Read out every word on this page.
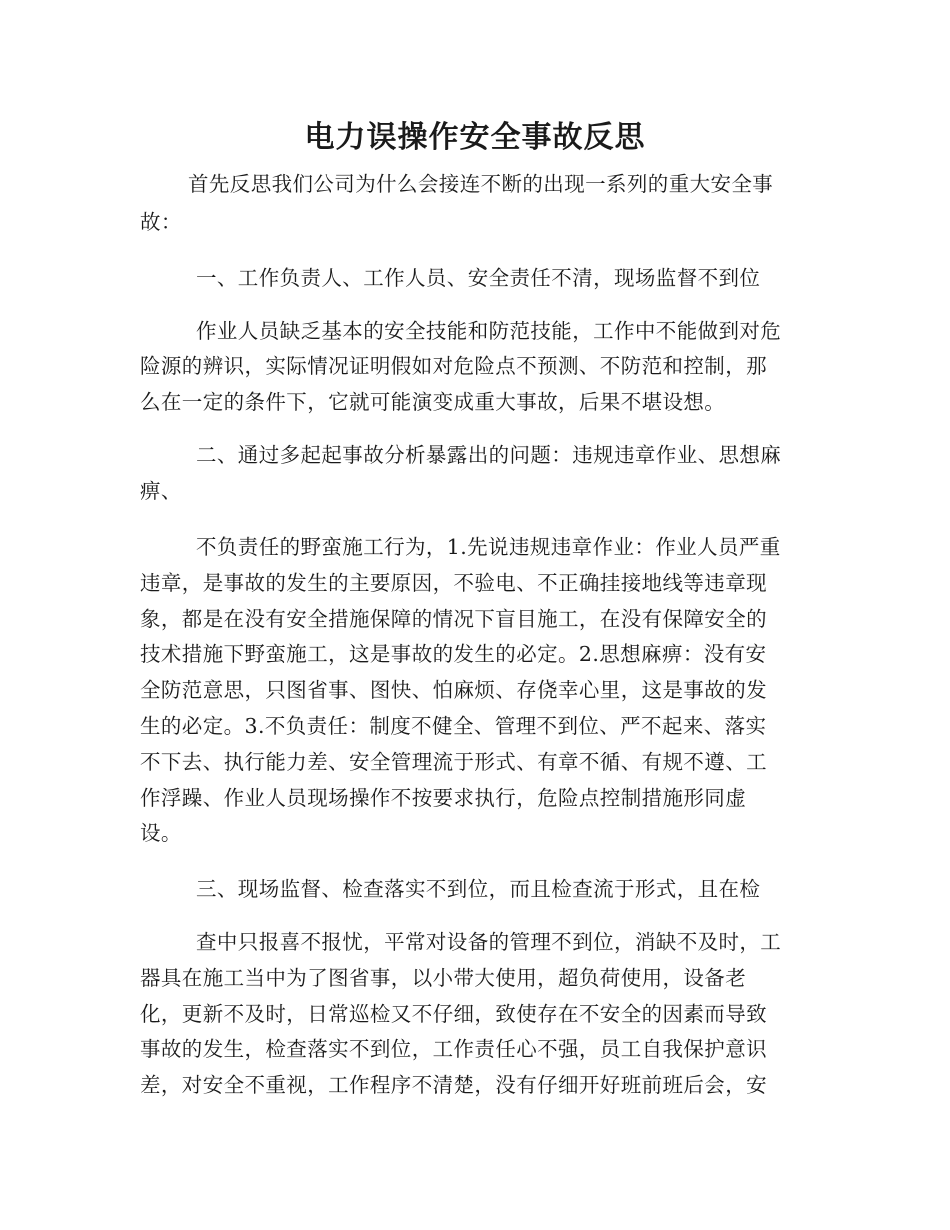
电力误操作安全事故反思
首先反思我们公司为什么会接连不断的出现一系列的重大安全事
故：
一、工作负责人、工作人员、安全责任不清，现场监督不到位
作业人员缺乏基本的安全技能和防范技能，工作中不能做到对危
险源的辨识，实际情况证明假如对危险点不预测、不防范和控制，那
么在一定的条件下，它就可能演变成重大事故，后果不堪设想。
二、通过多起起事故分析暴露出的问题：违规违章作业、思想麻
痹、
不负责任的野蛮施工行为，1.先说违规违章作业：作业人员严重
违章，是事故的发生的主要原因，不验电、不正确挂接地线等违章现
象，都是在没有安全措施保障的情况下盲目施工，在没有保障安全的
技术措施下野蛮施工，这是事故的发生的必定。2.思想麻痹：没有安
全防范意思，只图省事、图快、怕麻烦、存侥幸心里，这是事故的发
生的必定。3.不负责任：制度不健全、管理不到位、严不起来、落实
不下去、执行能力差、安全管理流于形式、有章不循、有规不遵、工
作浮躁、作业人员现场操作不按要求执行，危险点控制措施形同虚
设。
三、现场监督、检查落实不到位，而且检查流于形式，且在检
查中只报喜不报忧，平常对设备的管理不到位，消缺不及时，工
器具在施工当中为了图省事，以小带大使用，超负荷使用，设备老
化，更新不及时，日常巡检又不仔细，致使存在不安全的因素而导致
事故的发生，检查落实不到位，工作责任心不强，员工自我保护意识
差，对安全不重视，工作程序不清楚，没有仔细开好班前班后会，安
